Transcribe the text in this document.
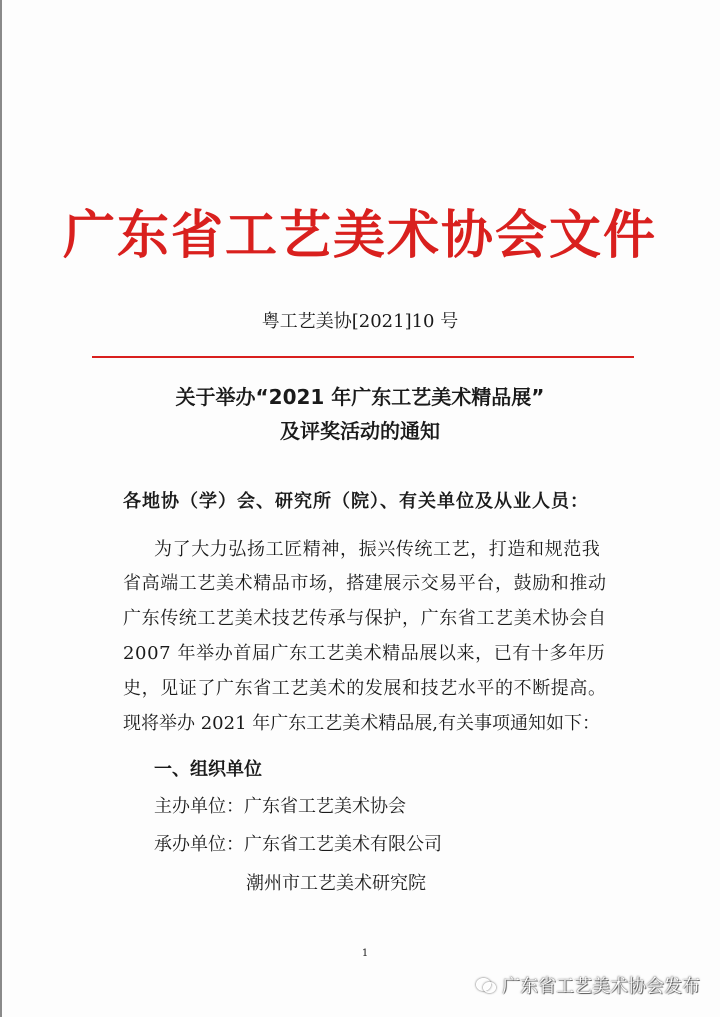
广东省工艺美术协会文件
粤工艺美协[2021]10 号
关于举办“2021 年广东工艺美术精品展”
及评奖活动的通知
各地协（学）会、研究所（院）、有关单位及从业人员：
为了大力弘扬工匠精神，振兴传统工艺，打造和规范我
省高端工艺美术精品市场，搭建展示交易平台，鼓励和推动
广东传统工艺美术技艺传承与保护，广东省工艺美术协会自
2007 年举办首届广东工艺美术精品展以来，已有十多年历
史，见证了广东省工艺美术的发展和技艺水平的不断提高。
现将举办 2021 年广东工艺美术精品展,有关事项通知如下：
一、组织单位
主办单位：广东省工艺美术协会
承办单位：广东省工艺美术有限公司
潮州市工艺美术研究院
1
广东省工艺美术协会发布
